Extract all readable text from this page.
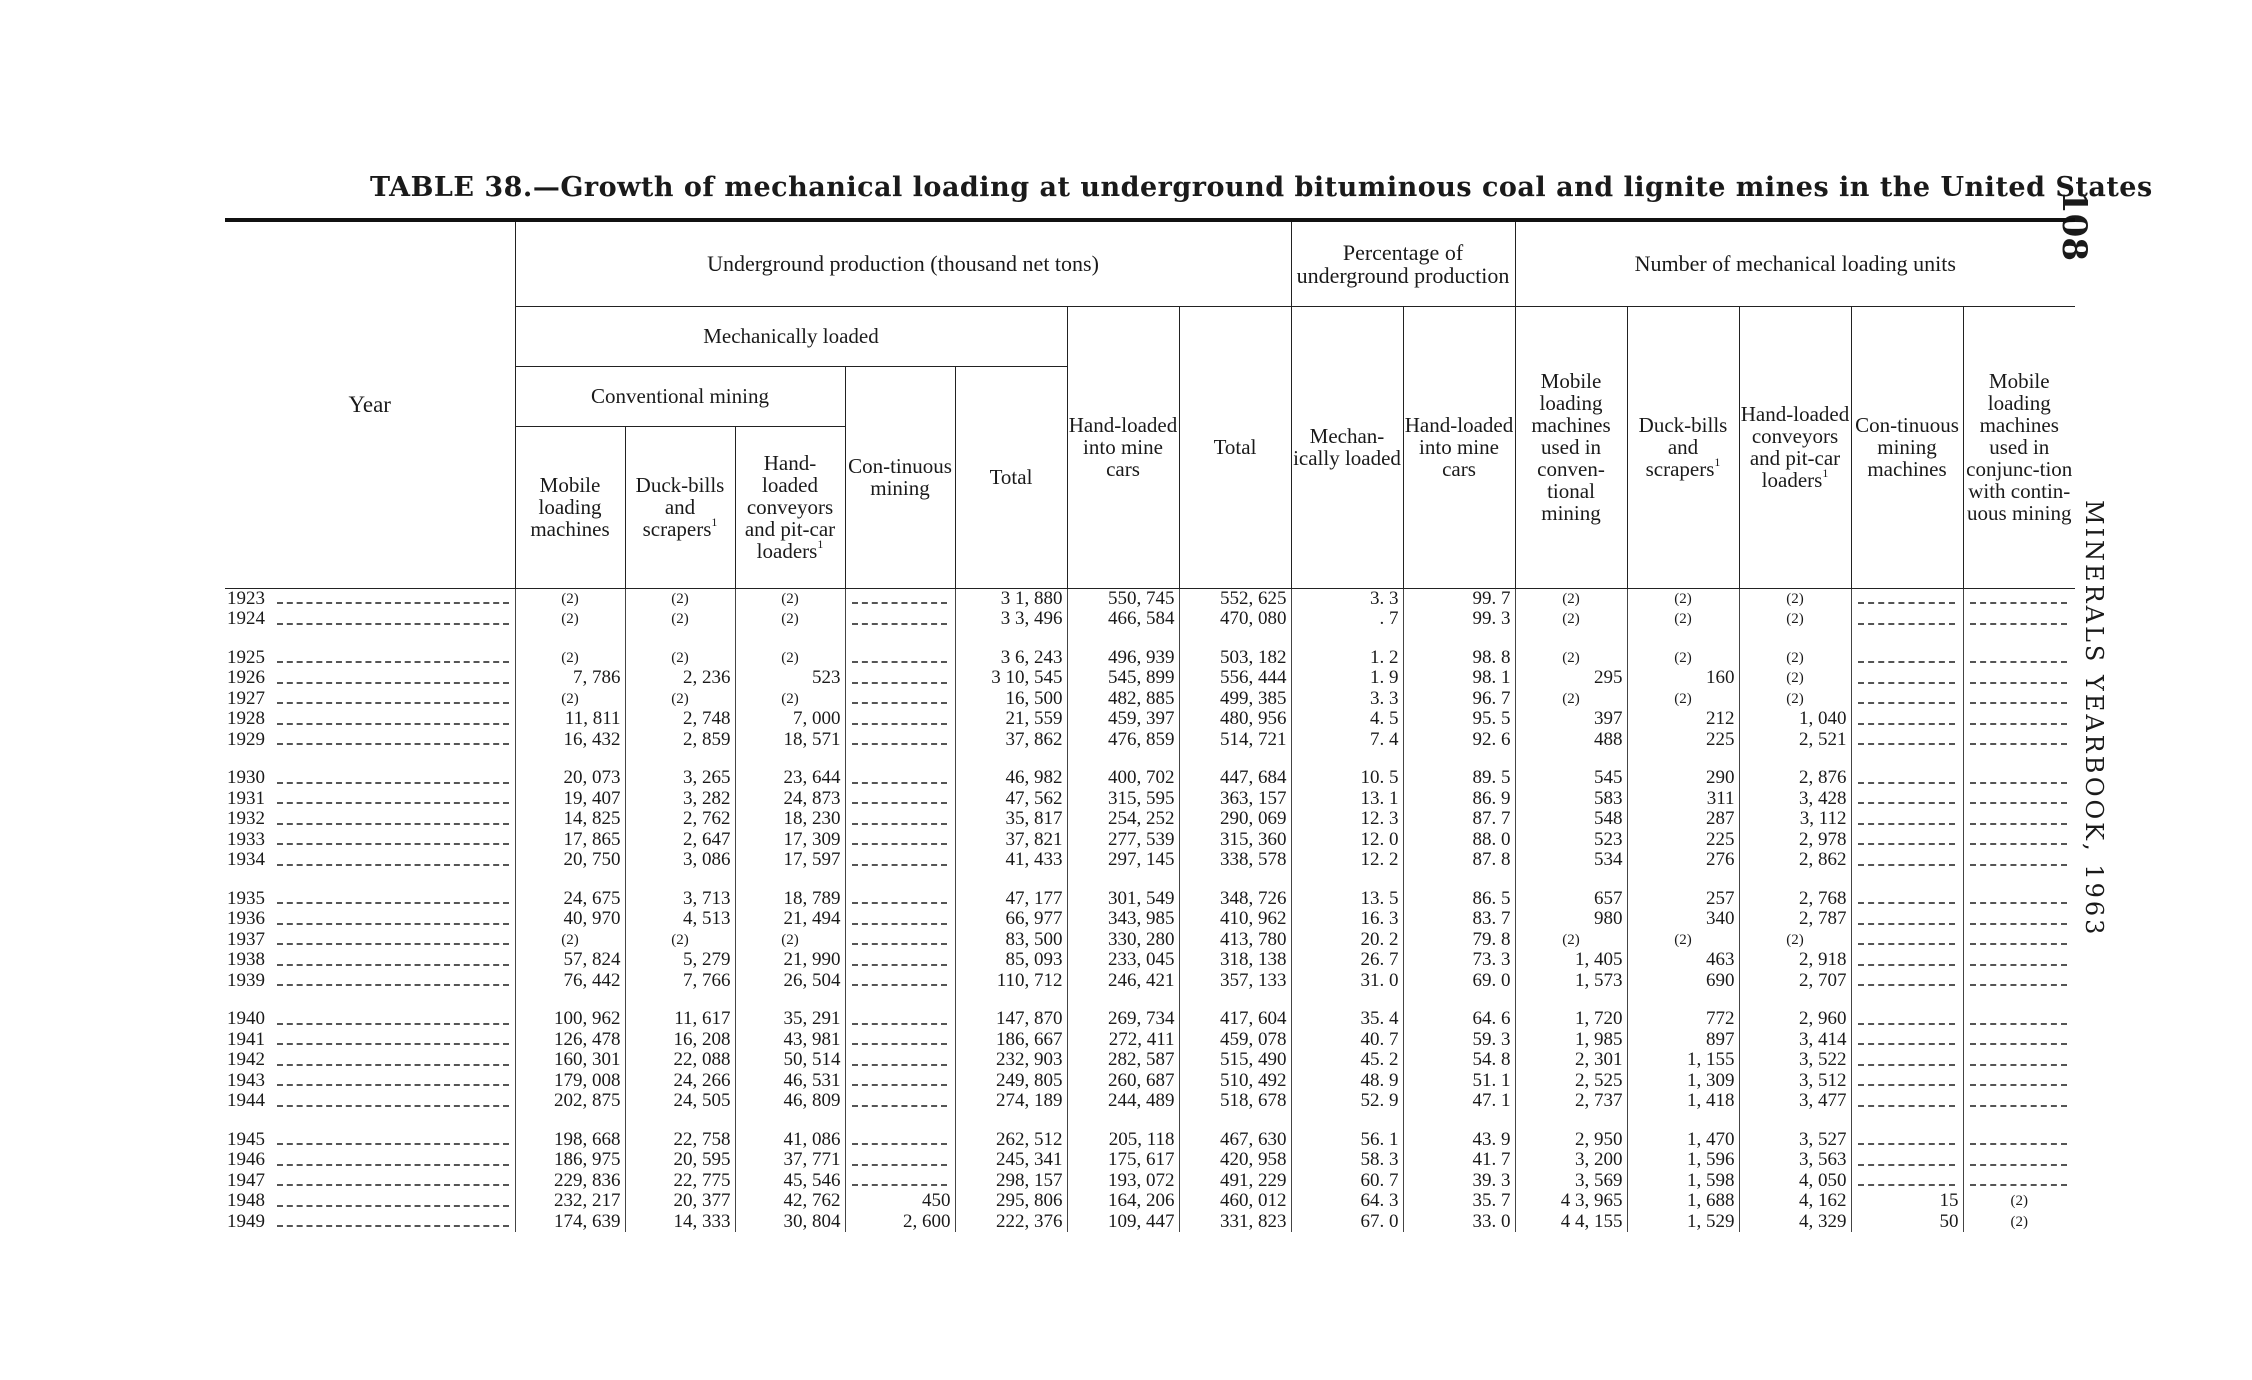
TABLE 38.—Growth of mechanical loading at underground bituminous coal and lignite mines in the United States
108
MINERALS YEARBOOK, 1963

Year	Underground production (thousand net tons)							Percentage of underground production		Number of mechanical loading units				
	Mechanically loaded					Hand-loaded into mine cars	Total	Mechan-ically loaded	Hand-loaded into mine cars	Mobile loading machines used in conven-tional mining	Duck-bills and scrapers$^1$	Hand-loaded conveyors and pit-car loaders$^1$	Con-tinuous mining machines	Mobile loading machines used in conjunc-tion with contin-uous mining
	Conventional mining			Con-tinuous mining	Total									
	Mobile loading machines	Duck-bills and scrapers$^1$	Hand-loaded conveyors and pit-car loaders$^1$
1923	(2)	(2)	(2)		3 1, 880	550, 745	552, 625	3. 3	99. 7	(2)	(2)	(2)		
1924	(2)	(2)	(2)		3 3, 496	466, 584	470, 080	. 7	99. 3	(2)	(2)	(2)		

1925	(2)	(2)	(2)		3 6, 243	496, 939	503, 182	1. 2	98. 8	(2)	(2)	(2)		
1926	7, 786	2, 236	523		3 10, 545	545, 899	556, 444	1. 9	98. 1	295	160	(2)		
1927	(2)	(2)	(2)		16, 500	482, 885	499, 385	3. 3	96. 7	(2)	(2)	(2)		
1928	11, 811	2, 748	7, 000		21, 559	459, 397	480, 956	4. 5	95. 5	397	212	1, 040		
1929	16, 432	2, 859	18, 571		37, 862	476, 859	514, 721	7. 4	92. 6	488	225	2, 521		

1930	20, 073	3, 265	23, 644		46, 982	400, 702	447, 684	10. 5	89. 5	545	290	2, 876		
1931	19, 407	3, 282	24, 873		47, 562	315, 595	363, 157	13. 1	86. 9	583	311	3, 428		
1932	14, 825	2, 762	18, 230		35, 817	254, 252	290, 069	12. 3	87. 7	548	287	3, 112		
1933	17, 865	2, 647	17, 309		37, 821	277, 539	315, 360	12. 0	88. 0	523	225	2, 978		
1934	20, 750	3, 086	17, 597		41, 433	297, 145	338, 578	12. 2	87. 8	534	276	2, 862		

1935	24, 675	3, 713	18, 789		47, 177	301, 549	348, 726	13. 5	86. 5	657	257	2, 768		
1936	40, 970	4, 513	21, 494		66, 977	343, 985	410, 962	16. 3	83. 7	980	340	2, 787		
1937	(2)	(2)	(2)		83, 500	330, 280	413, 780	20. 2	79. 8	(2)	(2)	(2)		
1938	57, 824	5, 279	21, 990		85, 093	233, 045	318, 138	26. 7	73. 3	1, 405	463	2, 918		
1939	76, 442	7, 766	26, 504		110, 712	246, 421	357, 133	31. 0	69. 0	1, 573	690	2, 707		

1940	100, 962	11, 617	35, 291		147, 870	269, 734	417, 604	35. 4	64. 6	1, 720	772	2, 960		
1941	126, 478	16, 208	43, 981		186, 667	272, 411	459, 078	40. 7	59. 3	1, 985	897	3, 414		
1942	160, 301	22, 088	50, 514		232, 903	282, 587	515, 490	45. 2	54. 8	2, 301	1, 155	3, 522		
1943	179, 008	24, 266	46, 531		249, 805	260, 687	510, 492	48. 9	51. 1	2, 525	1, 309	3, 512		
1944	202, 875	24, 505	46, 809		274, 189	244, 489	518, 678	52. 9	47. 1	2, 737	1, 418	3, 477		

1945	198, 668	22, 758	41, 086		262, 512	205, 118	467, 630	56. 1	43. 9	2, 950	1, 470	3, 527		
1946	186, 975	20, 595	37, 771		245, 341	175, 617	420, 958	58. 3	41. 7	3, 200	1, 596	3, 563		
1947	229, 836	22, 775	45, 546		298, 157	193, 072	491, 229	60. 7	39. 3	3, 569	1, 598	4, 050		
1948	232, 217	20, 377	42, 762	450	295, 806	164, 206	460, 012	64. 3	35. 7	4 3, 965	1, 688	4, 162	15	(2)
1949	174, 639	14, 333	30, 804	2, 600	222, 376	109, 447	331, 823	67. 0	33. 0	4 4, 155	1, 529	4, 329	50	(2)
